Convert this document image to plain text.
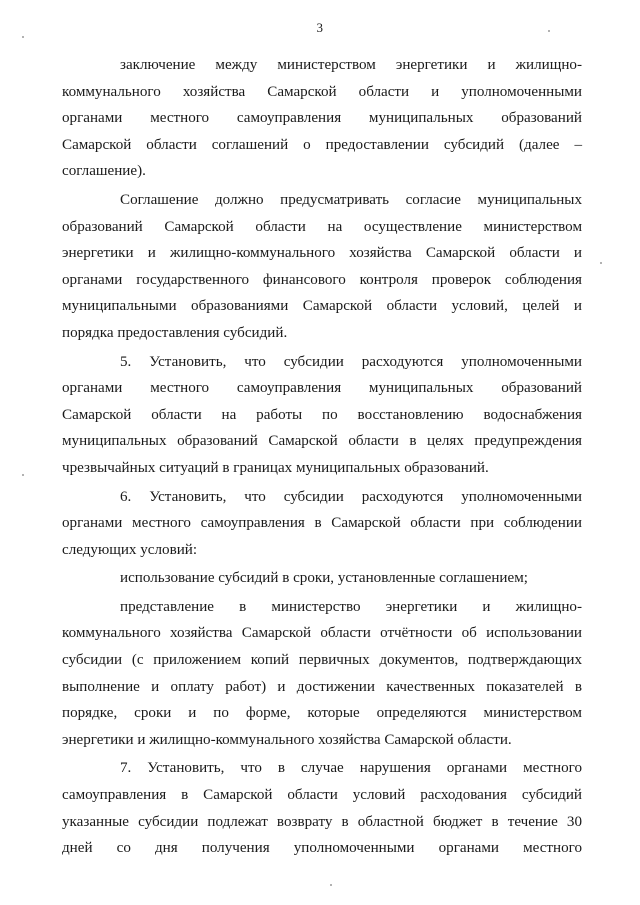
3
заключение между министерством энергетики и жилищно-
коммунального хозяйства Самарской области и уполномоченными
органами местного самоуправления муниципальных образований
Самарской области соглашений о предоставлении субсидий (далее –
соглашение).
Соглашение должно предусматривать согласие муниципальных
образований Самарской области на осуществление министерством
энергетики и жилищно-коммунального хозяйства Самарской области и
органами государственного финансового контроля проверок соблюдения
муниципальными образованиями Самарской области условий, целей и
порядка предоставления субсидий.
5. Установить, что субсидии расходуются уполномоченными
органами местного самоуправления муниципальных образований
Самарской области на работы по восстановлению водоснабжения
муниципальных образований Самарской области в целях предупреждения
чрезвычайных ситуаций в границах муниципальных образований.
6. Установить, что субсидии расходуются уполномоченными
органами местного самоуправления в Самарской области при соблюдении
следующих условий:
использование субсидий в сроки, установленные соглашением;
представление в министерство энергетики и жилищно-
коммунального хозяйства Самарской области отчётности об использовании
субсидии (с приложением копий первичных документов, подтверждающих
выполнение и оплату работ) и достижении качественных показателей в
порядке, сроки и по форме, которые определяются министерством
энергетики и жилищно-коммунального хозяйства Самарской области.
7. Установить, что в случае нарушения органами местного
самоуправления в Самарской области условий расходования субсидий
указанные субсидии подлежат возврату в областной бюджет в течение 30
дней со дня получения уполномоченными органами местного
